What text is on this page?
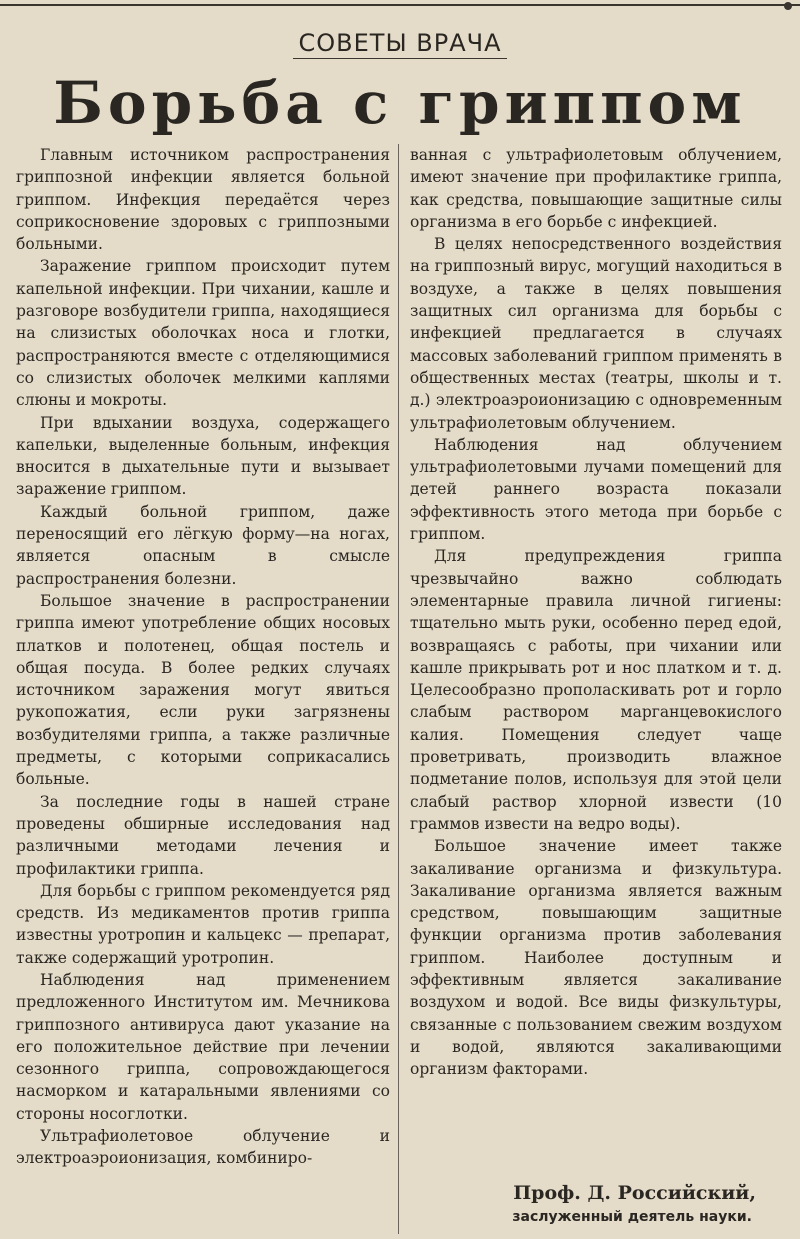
СОВЕТЫ ВРАЧА
Борьба с гриппом

Главным источником распространения гриппозной инфекции является больной гриппом. Инфекция передаётся через соприкосновение здоровых с гриппозными больными.

Заражение гриппом происходит путем капельной инфекции. При чихании, кашле и разговоре возбудители гриппа, находящиеся на слизистых оболочках носа и глотки, распространяются вместе с отделяющимися со слизистых оболочек мелкими каплями слюны и мокроты.

При вдыхании воздуха, содержащего капельки, выделенные больным, инфекция вносится в дыхательные пути и вызывает заражение гриппом.

Каждый больной гриппом, даже переносящий его лёгкую форму—на ногах, является опасным в смысле распространения болезни.

Большое значение в распространении гриппа имеют употребление общих носовых платков и полотенец, общая постель и общая посуда. В более редких случаях источником заражения могут явиться рукопожатия, если руки загрязнены возбудителями гриппа, а также различные предметы, с которыми соприкасались больные.

За последние годы в нашей стране проведены обширные исследования над различными методами лечения и профилактики гриппа.

Для борьбы с гриппом рекомендуется ряд средств. Из медикаментов против гриппа известны уротропин и кальцекс — препарат, также содержащий уротропин.

Наблюдения над применением предложенного Институтом им. Мечникова гриппозного антивируса дают указание на его положительное действие при лечении сезонного гриппа, сопровождающегося насморком и катаральными явлениями со стороны носоглотки.

Ультрафиолетовое облучение и электроаэроионизация, комбиниро-

ванная с ультрафиолетовым облучением, имеют значение при профилактике гриппа, как средства, повышающие защитные силы организма в его борьбе с инфекцией.

В целях непосредственного воздействия на гриппозный вирус, могущий находиться в воздухе, а также в целях повышения защитных сил организма для борьбы с инфекцией предлагается в случаях массовых заболеваний гриппом применять в общественных местах (театры, школы и т. д.) электроаэроионизацию с одновременным ультрафиолетовым облучением.

Наблюдения над облучением ультрафиолетовыми лучами помещений для детей раннего возраста показали эффективность этого метода при борьбе с гриппом.

Для предупреждения гриппа чрезвычайно важно соблюдать элементарные правила личной гигиены: тщательно мыть руки, особенно перед едой, возвращаясь с работы, при чихании или кашле прикрывать рот и нос платком и т. д. Целесообразно прополаскивать рот и горло слабым раствором марганцевокислого калия. Помещения следует чаще проветривать, производить влажное подметание полов, используя для этой цели слабый раствор хлорной извести (10 граммов извести на ведро воды).

Большое значение имеет также закаливание организма и физкультура. Закаливание организма является важным средством, повышающим защитные функции организма против заболевания гриппом. Наиболее доступным и эффективным является закаливание воздухом и водой. Все виды физкультуры, связанные с пользованием свежим воздухом и водой, являются закаливающими организм факторами.

Проф. Д. Российский,
заслуженный деятель науки.
